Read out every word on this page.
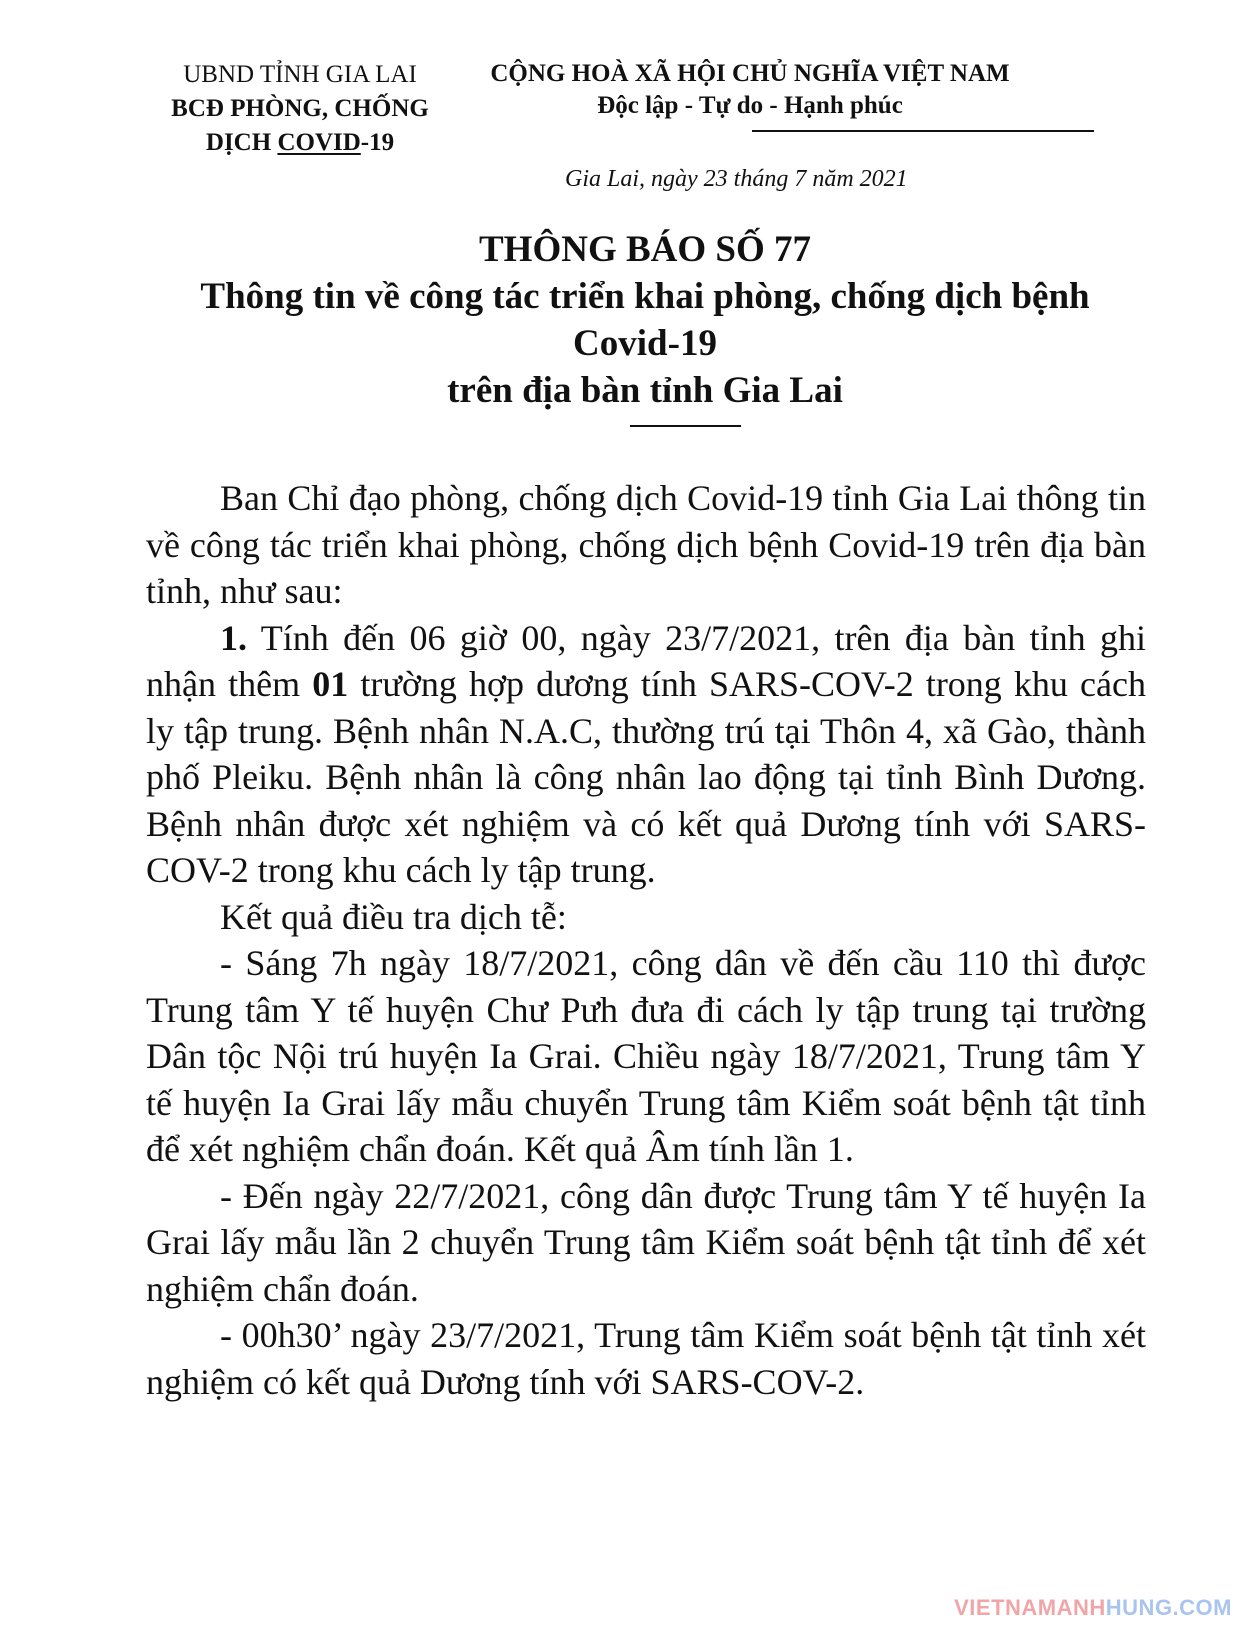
UBND TỈNH GIA LAI
BCĐ PHÒNG, CHỐNG
DỊCH COVID-19
CỘNG HOÀ XÃ HỘI CHỦ NGHĨA VIỆT NAM
Độc lập - Tự do - Hạnh phúc
Gia Lai, ngày 23 tháng 7 năm 2021
THÔNG BÁO SỐ 77
Thông tin về công tác triển khai phòng, chống dịch bệnh
Covid-19
trên địa bàn tỉnh Gia Lai

Ban Chỉ đạo phòng, chống dịch Covid-19 tỉnh Gia Lai thông tin về công tác triển khai phòng, chống dịch bệnh Covid-19 trên địa bàn tỉnh, như sau:

1. Tính đến 06 giờ 00, ngày 23/7/2021, trên địa bàn tỉnh ghi nhận thêm 01 trường hợp dương tính SARS-COV-2 trong khu cách ly tập trung. Bệnh nhân N.A.C, thường trú tại Thôn 4, xã Gào, thành phố Pleiku. Bệnh nhân là công nhân lao động tại tỉnh Bình Dương. Bệnh nhân được xét nghiệm và có kết quả Dương tính với SARS-COV-2 trong khu cách ly tập trung.

Kết quả điều tra dịch tễ:

- Sáng 7h ngày 18/7/2021, công dân về đến cầu 110 thì được Trung tâm Y tế huyện Chư Pưh đưa đi cách ly tập trung tại trường Dân tộc Nội trú huyện Ia Grai. Chiều ngày 18/7/2021, Trung tâm Y tế huyện Ia Grai lấy mẫu chuyển Trung tâm Kiểm soát bệnh tật tỉnh để xét nghiệm chẩn đoán. Kết quả Âm tính lần 1.

- Đến ngày 22/7/2021, công dân được Trung tâm Y tế huyện Ia Grai lấy mẫu lần 2 chuyển Trung tâm Kiểm soát bệnh tật tỉnh để xét nghiệm chẩn đoán.

- 00h30’ ngày 23/7/2021, Trung tâm Kiểm soát bệnh tật tỉnh xét nghiệm có kết quả Dương tính với SARS-COV-2.

VIETNAMANHHUNG.COM
